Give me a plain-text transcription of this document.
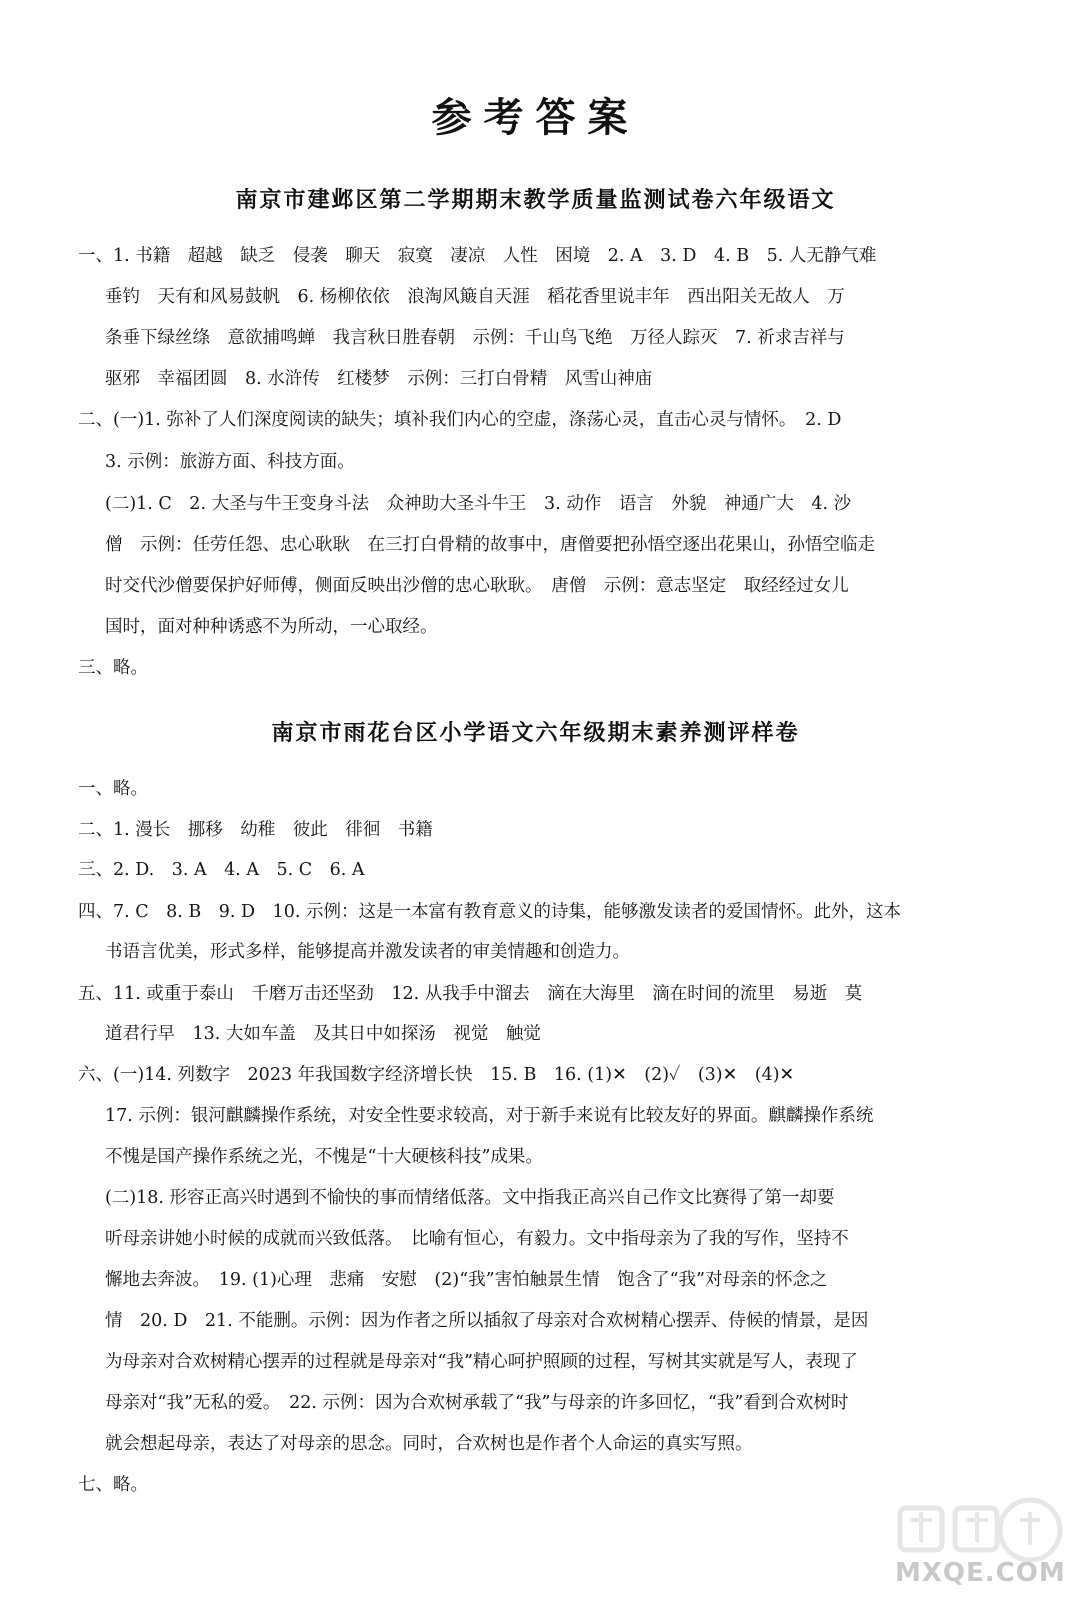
参考答案
南京市建邺区第二学期期末教学质量监测试卷六年级语文
一、1. 书籍　超越　缺乏　侵袭　聊天　寂寞　凄凉　人性　困境　2. A　3. D　4. B　5. 人无静气难
垂钓　天有和风易鼓帆　6. 杨柳依依　浪淘风簸自天涯　稻花香里说丰年　西出阳关无故人　万
条垂下绿丝绦　意欲捕鸣蝉　我言秋日胜春朝　示例：千山鸟飞绝　万径人踪灭　7. 祈求吉祥与
驱邪　幸福团圆　8. 水浒传　红楼梦　示例：三打白骨精　风雪山神庙
二、(一)1. 弥补了人们深度阅读的缺失；填补我们内心的空虚，涤荡心灵，直击心灵与情怀。　2. D
3. 示例：旅游方面、科技方面。
(二)1. C　2. 大圣与牛王变身斗法　众神助大圣斗牛王　3. 动作　语言　外貌　神通广大　4. 沙
僧　示例：任劳任怨、忠心耿耿　在三打白骨精的故事中，唐僧要把孙悟空逐出花果山，孙悟空临走
时交代沙僧要保护好师傅，侧面反映出沙僧的忠心耿耿。　唐僧　示例：意志坚定　取经经过女儿
国时，面对种种诱惑不为所动，一心取经。
三、略。
南京市雨花台区小学语文六年级期末素养测评样卷
一、略。
二、1. 漫长　挪移　幼稚　彼此　徘徊　书籍
三、2. D.　3. A　4. A　5. C　6. A
四、7. C　8. B　9. D　10. 示例：这是一本富有教育意义的诗集，能够激发读者的爱国情怀。此外，这本
书语言优美，形式多样，能够提高并激发读者的审美情趣和创造力。
五、11. 或重于泰山　千磨万击还坚劲　12. 从我手中溜去　滴在大海里　滴在时间的流里　易逝　莫
道君行早　13. 大如车盖　及其日中如探汤　视觉　触觉
六、(一)14. 列数字　2023 年我国数字经济增长快　15. B　16. (1)✕　(2)✓　(3)✕　(4)✕
17. 示例：银河麒麟操作系统，对安全性要求较高，对于新手来说有比较友好的界面。麒麟操作系统
不愧是国产操作系统之光，不愧是“十大硬核科技”成果。
(二)18. 形容正高兴时遇到不愉快的事而情绪低落。文中指我正高兴自己作文比赛得了第一却要
听母亲讲她小时候的成就而兴致低落。　比喻有恒心，有毅力。文中指母亲为了我的写作，坚持不
懈地去奔波。　19. (1)心理　悲痛　安慰　(2)“我”害怕触景生情　饱含了“我”对母亲的怀念之
情　20. D　21. 不能删。示例：因为作者之所以插叙了母亲对合欢树精心摆弄、侍候的情景，是因
为母亲对合欢树精心摆弄的过程就是母亲对“我”精心呵护照顾的过程，写树其实就是写人，表现了
母亲对“我”无私的爱。　22. 示例：因为合欢树承载了“我”与母亲的许多回忆，“我”看到合欢树时
就会想起母亲，表达了对母亲的思念。同时，合欢树也是作者个人命运的真实写照。
七、略。
MXQE.COM
